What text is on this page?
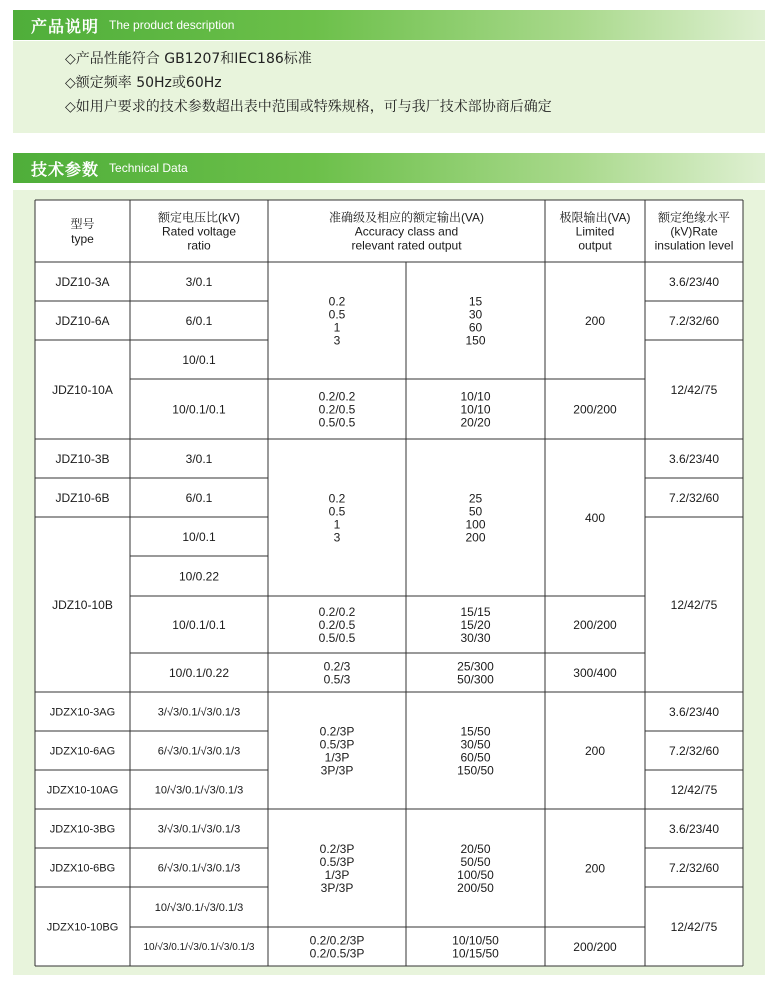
产品说明 The product description
◇产品性能符合 GB1207和IEC186标准
◇额定频率 50Hz或60Hz
◇如用户要求的技术参数超出表中范围或特殊规格，可与我厂技术部协商后确定
技术参数 Technical Data
型号
type
额定电压比(kV)
Rated voltage
ratio
准确级及相应的额定输出(VA)
Accuracy class and
relevant rated output
极限输出(VA)
Limited
output
额定绝缘水平
(kV)Rate
insulation level
JDZ10-3A
JDZ10-6A
JDZ10-10A
JDZ10-3B
JDZ10-6B
JDZ10-10B
JDZX10-3AG
JDZX10-6AG
JDZX10-10AG
JDZX10-3BG
JDZX10-6BG
JDZX10-10BG
3/0.1
6/0.1
10/0.1
10/0.1/0.1
3/0.1
6/0.1
10/0.1
10/0.22
10/0.1/0.1
10/0.1/0.22
3/√3/0.1/√3/0.1/3
6/√3/0.1/√3/0.1/3
10/√3/0.1/√3/0.1/3
3/√3/0.1/√3/0.1/3
6/√3/0.1/√3/0.1/3
10/√3/0.1/√3/0.1/3
10/√3/0.1/√3/0.1/√3/0.1/3
0.2
0.5
1
3
15
30
60
150
0.2/0.2
0.2/0.5
0.5/0.5
10/10
10/10
20/20
0.2
0.5
1
3
25
50
100
200
0.2/0.2
0.2/0.5
0.5/0.5
15/15
15/20
30/30
0.2/3
0.5/3
25/300
50/300
0.2/3P
0.5/3P
1/3P
3P/3P
15/50
30/50
60/50
150/50
0.2/3P
0.5/3P
1/3P
3P/3P
20/50
50/50
100/50
200/50
0.2/0.2/3P
0.2/0.5/3P
10/10/50
10/15/50
200
200/200
400
200/200
300/400
200
200
200/200
3.6/23/40
7.2/32/60
12/42/75
3.6/23/40
7.2/32/60
12/42/75
3.6/23/40
7.2/32/60
12/42/75
3.6/23/40
7.2/32/60
12/42/75
